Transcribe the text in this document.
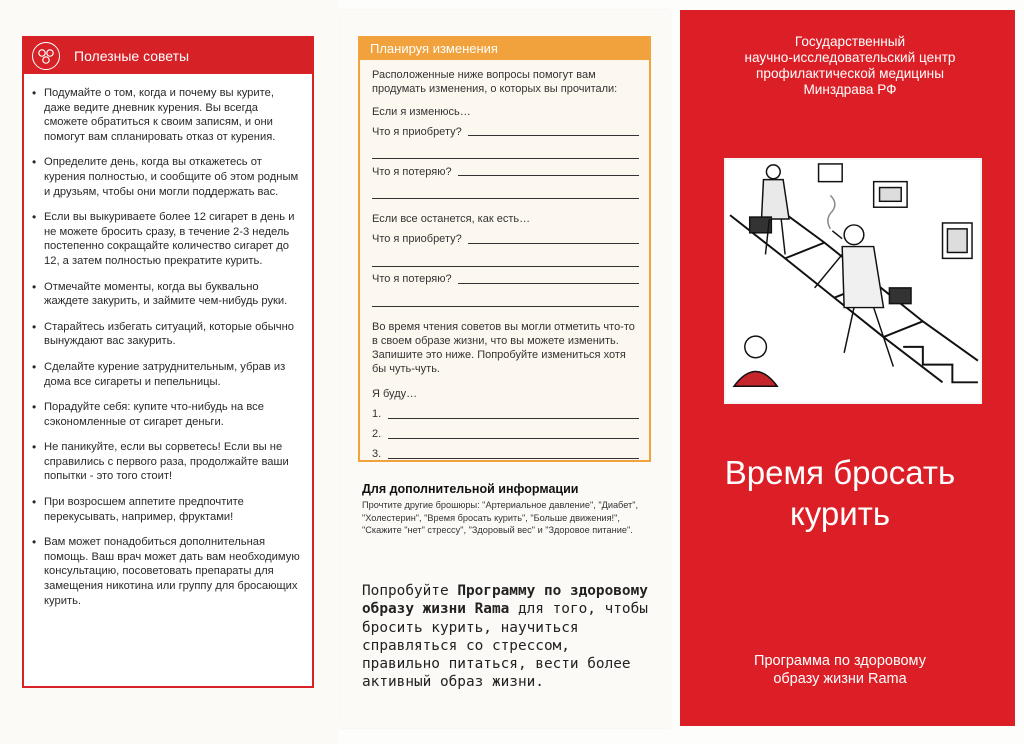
Полезные советы
• Подумайте о том, когда и почему вы курите, даже ведите дневник курения. Вы всегда сможете обратиться к своим записям, и они помогут вам спланировать отказ от курения.
• Определите день, когда вы откажетесь от курения полностью, и сообщите об этом родным и друзьям, чтобы они могли поддержать вас.
• Если вы выкуриваете более 12 сигарет в день и не можете бросить сразу, в течение 2-3 недель постепенно сокращайте количество сигарет до 12, а затем полностью прекратите курить.
• Отмечайте моменты, когда вы буквально жаждете закурить, и займите чем-нибудь руки.
• Старайтесь избегать ситуаций, которые обычно вынуждают вас закурить.
• Сделайте курение затруднительным, убрав из дома все сигареты и пепельницы.
• Порадуйте себя: купите что-нибудь на все сэкономленные от сигарет деньги.
• Не паникуйте, если вы сорветесь! Если вы не справились с первого раза, продолжайте ваши попытки - это того стоит!
• При возросшем аппетите предпочтите перекусывать, например, фруктами!
• Вам может понадобиться дополнительная помощь. Ваш врач может дать вам необходимую консультацию, посоветовать препараты для замещения никотина или группу для бросающих курить.
Планируя изменения
Расположенные ниже вопросы помогут вам продумать изменения, о которых вы прочитали:
Если я изменюсь…
Что я приобрету?
Что я потеряю?
Если все останется, как есть…
Что я приобрету?
Что я потеряю?
Во время чтения советов вы могли отметить что-то в своем образе жизни, что вы можете изменить. Запишите это ниже. Попробуйте измениться хотя бы чуть-чуть.
Я буду…
1.
2.
3.
Для дополнительной информации
Прочтите другие брошюры: "Артериальное давление", "Диабет", "Холестерин", "Время бросать курить", "Больше движения!", "Скажите "нет" стрессу", "Здоровый вес" и "Здоровое питание".
Попробуйте Программу по здоровому образу жизни Rama для того, чтобы бросить курить, научиться справляться со стрессом, правильно питаться, вести более активный образ жизни.
Государственный
научно-исследовательский центр
профилактической медицины
Минздрава РФ
Время бросать
курить
Программа по здоровому
образу жизни Rama
